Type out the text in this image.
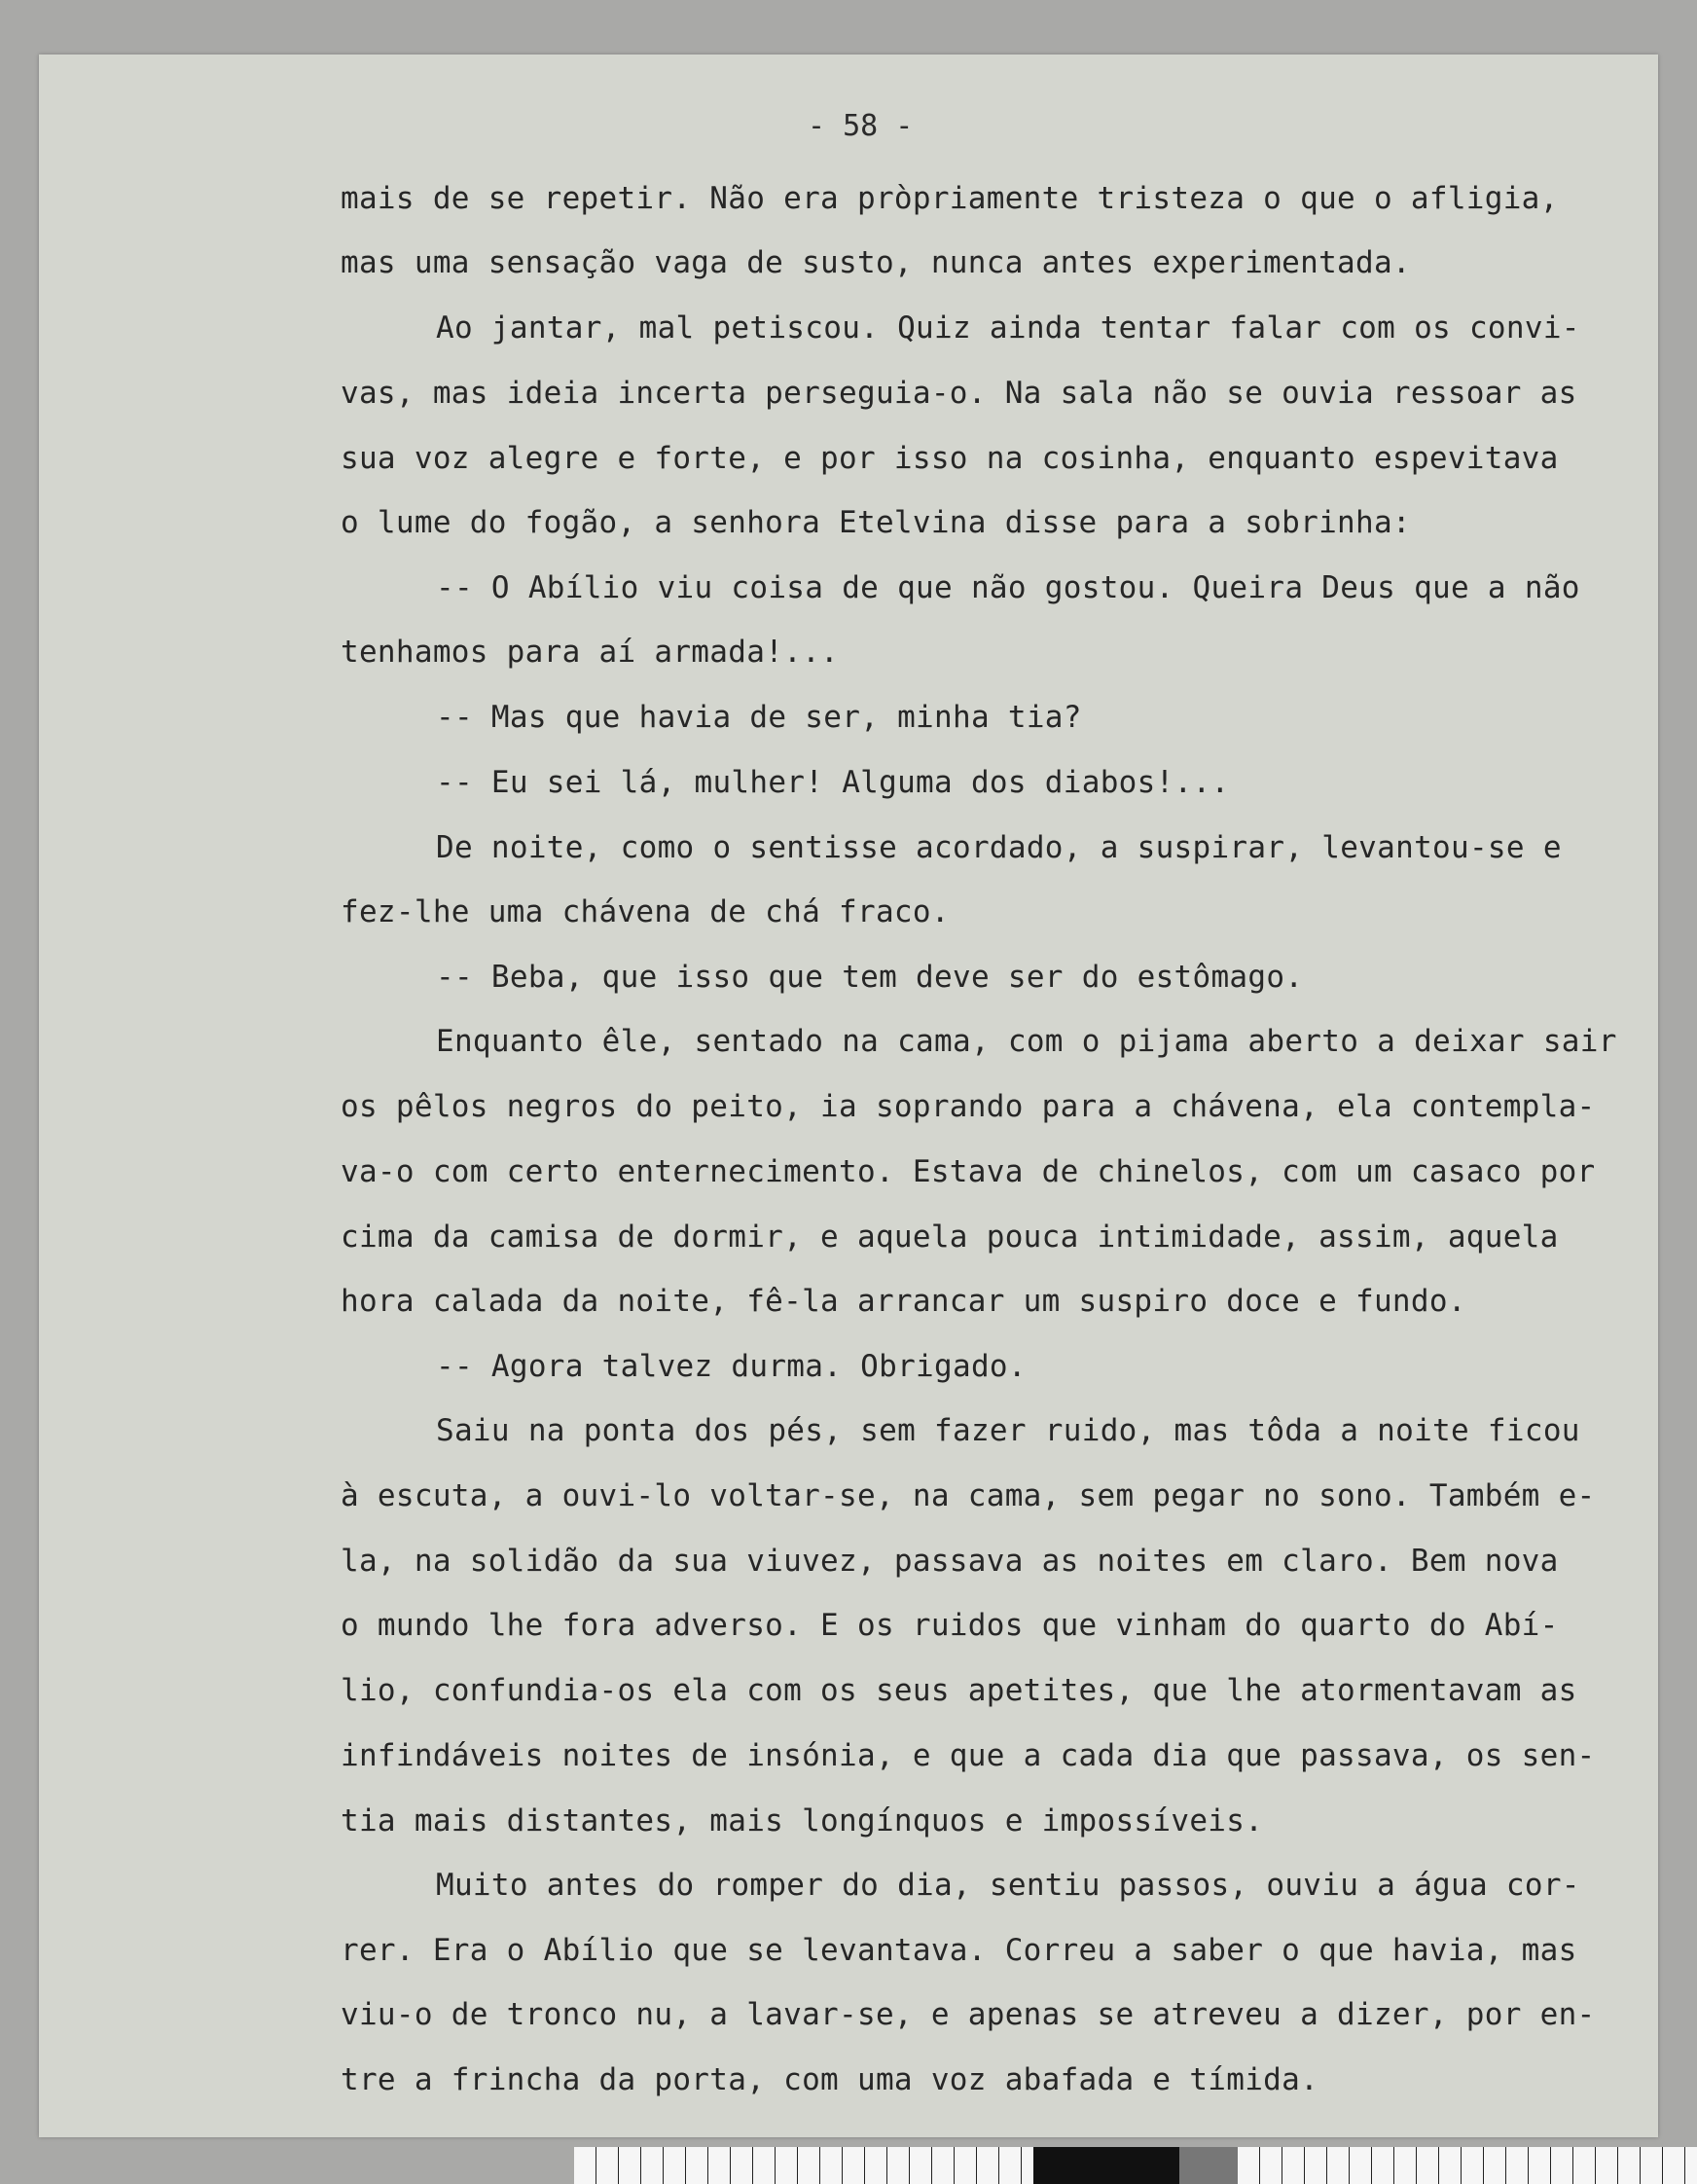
- 58 -
mais de se repetir. Não era pròpriamente tristeza o que o afligia,
mas uma sensação vaga de susto, nunca antes experimentada.
Ao jantar, mal petiscou. Quiz ainda tentar falar com os convi-
vas, mas ideia incerta perseguia-o. Na sala não se ouvia ressoar as
sua voz alegre e forte, e por isso na cosinha, enquanto espevitava
o lume do fogão, a senhora Etelvina disse para a sobrinha:
-- O Abílio viu coisa de que não gostou. Queira Deus que a não
tenhamos para aí armada!...
-- Mas que havia de ser, minha tia?
-- Eu sei lá, mulher! Alguma dos diabos!...
De noite, como o sentisse acordado, a suspirar, levantou-se e
fez-lhe uma chávena de chá fraco.
-- Beba, que isso que tem deve ser do estômago.
Enquanto êle, sentado na cama, com o pijama aberto a deixar sair
os pêlos negros do peito, ia soprando para a chávena, ela contempla-
va-o com certo enternecimento. Estava de chinelos, com um casaco por
cima da camisa de dormir, e aquela pouca intimidade, assim, aquela
hora calada da noite, fê-la arrancar um suspiro doce e fundo.
-- Agora talvez durma. Obrigado.
Saiu na ponta dos pés, sem fazer ruido, mas tôda a noite ficou
à escuta, a ouvi-lo voltar-se, na cama, sem pegar no sono. Também e-
la, na solidão da sua viuvez, passava as noites em claro. Bem nova
o mundo lhe fora adverso. E os ruidos que vinham do quarto do Abí-
lio, confundia-os ela com os seus apetites, que lhe atormentavam as
infindáveis noites de insónia, e que a cada dia que passava, os sen-
tia mais distantes, mais longínquos e impossíveis.
Muito antes do romper do dia, sentiu passos, ouviu a água cor-
rer. Era o Abílio que se levantava. Correu a saber o que havia, mas
viu-o de tronco nu, a lavar-se, e apenas se atreveu a dizer, por en-
tre a frincha da porta, com uma voz abafada e tímida.
